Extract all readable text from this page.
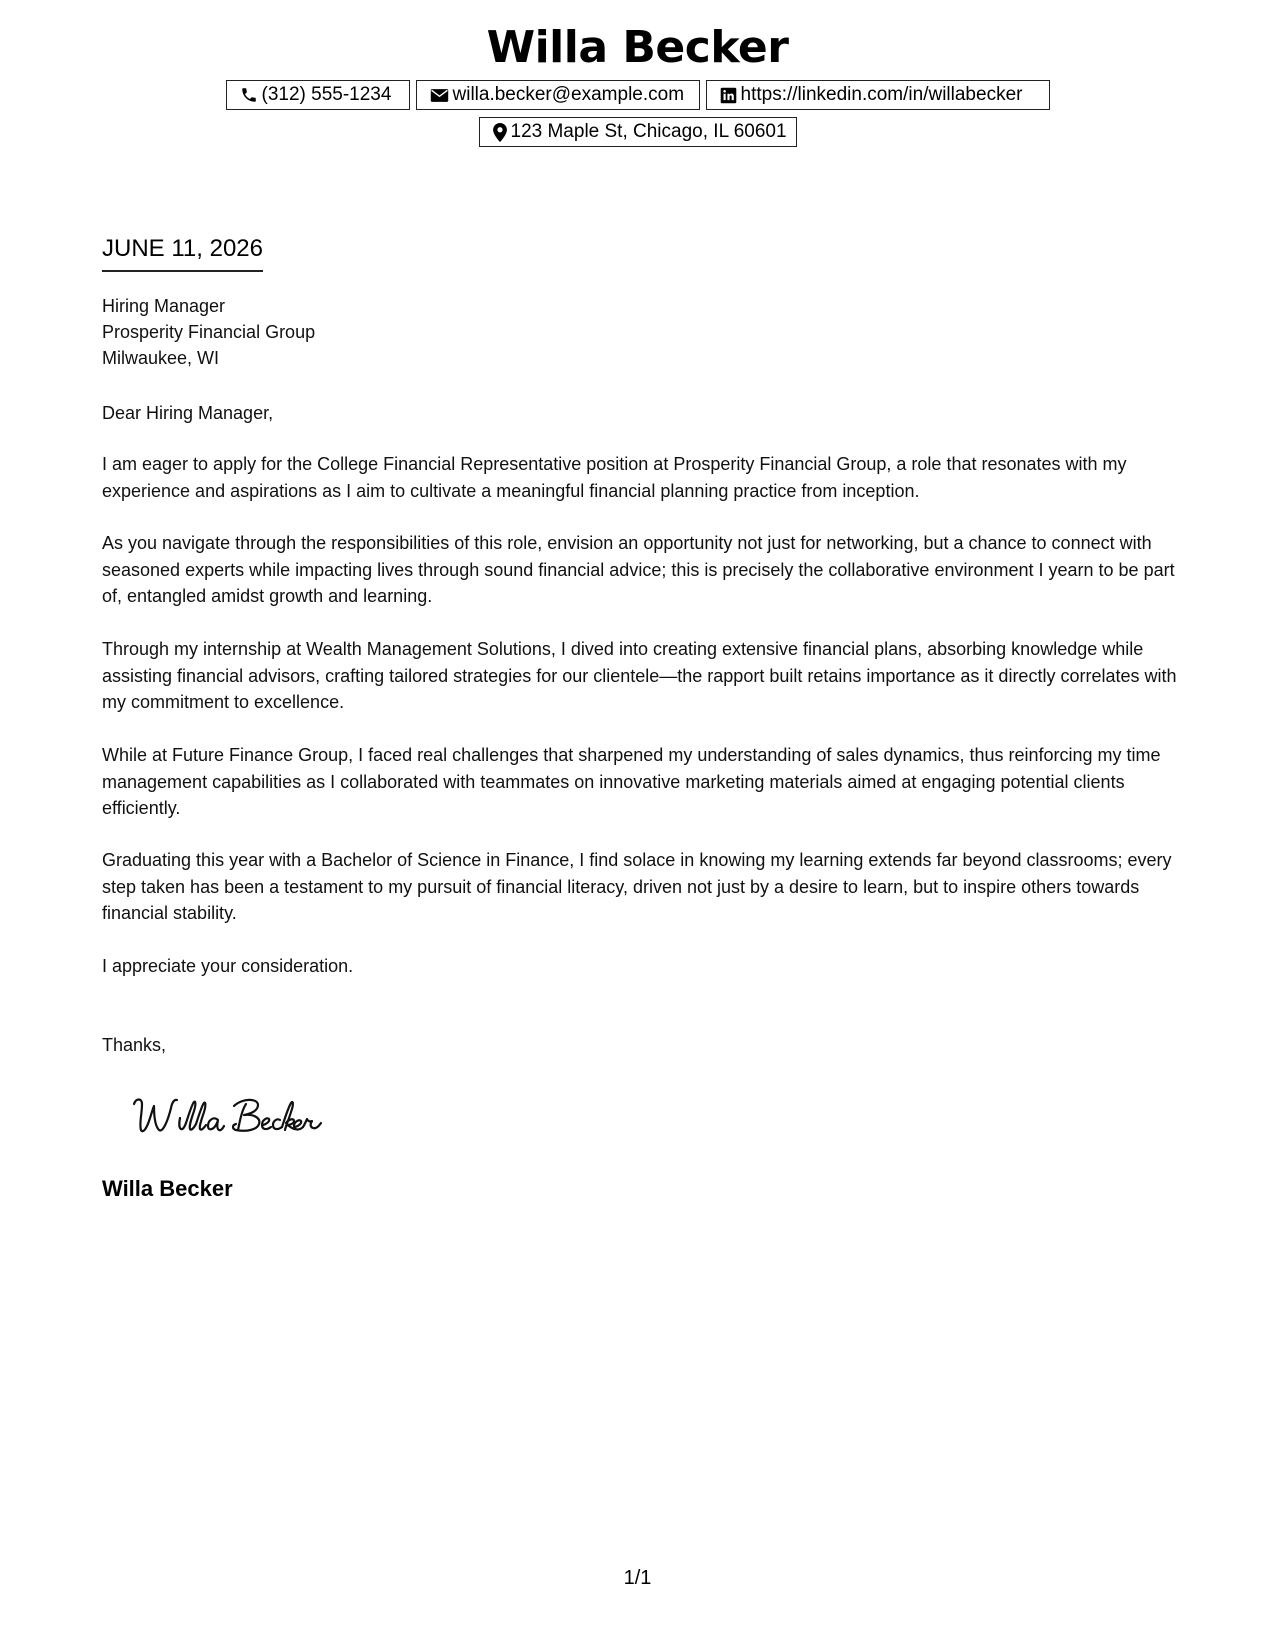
Willa Becker
(312) 555-1234	willa.becker@example.com	https://linkedin.com/in/willabecker
123 Maple St, Chicago, IL 60601
JUNE 11, 2026
Hiring Manager
Prosperity Financial Group
Milwaukee, WI

Dear Hiring Manager,

I am eager to apply for the College Financial Representative position at Prosperity Financial Group, a role that resonates with my experience and aspirations as I aim to cultivate a meaningful financial planning practice from inception.

As you navigate through the responsibilities of this role, envision an opportunity not just for networking, but a chance to connect with seasoned experts while impacting lives through sound financial advice; this is precisely the collaborative environment I yearn to be part of, entangled amidst growth and learning.

Through my internship at Wealth Management Solutions, I dived into creating extensive financial plans, absorbing knowledge while assisting financial advisors, crafting tailored strategies for our clientele—the rapport built retains importance as it directly correlates with my commitment to excellence.

While at Future Finance Group, I faced real challenges that sharpened my understanding of sales dynamics, thus reinforcing my time management capabilities as I collaborated with teammates on innovative marketing materials aimed at engaging potential clients efficiently.

Graduating this year with a Bachelor of Science in Finance, I find solace in knowing my learning extends far beyond classrooms; every step taken has been a testament to my pursuit of financial literacy, driven not just by a desire to learn, but to inspire others towards financial stability.

I appreciate your consideration.

Thanks,

Willa Becker
1/1
